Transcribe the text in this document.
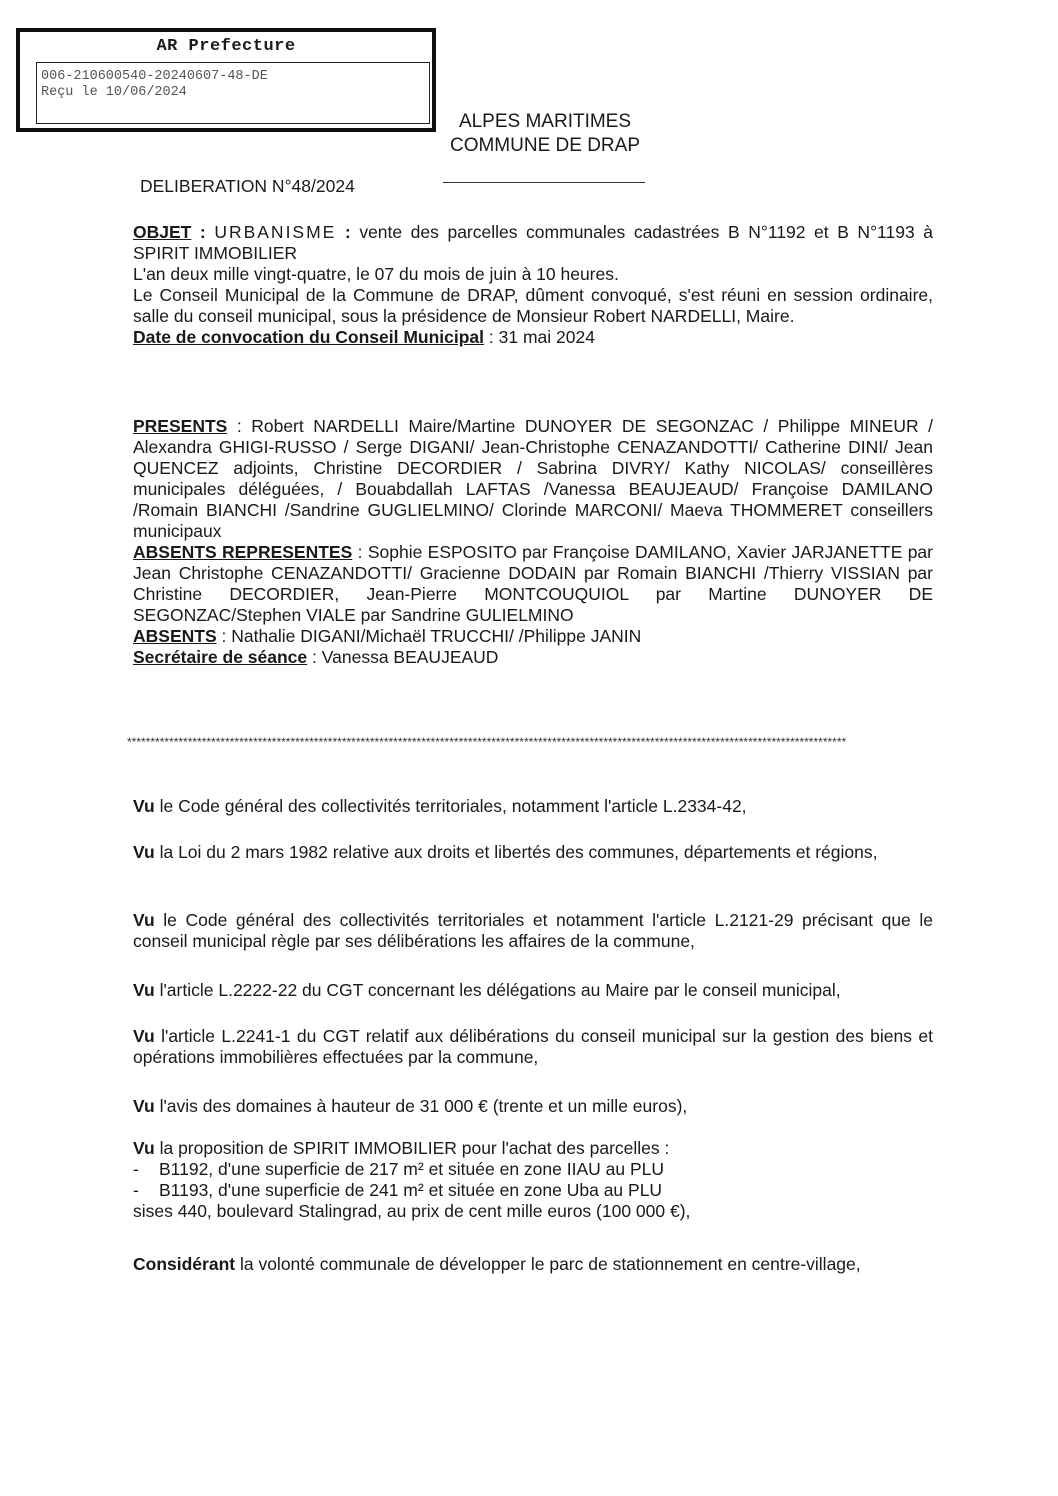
AR Prefecture
006-210600540-20240607-48-DE
Reçu le 10/06/2024
ALPES MARITIMES
COMMUNE DE DRAP
DELIBERATION N°48/2024

OBJET : URBANISME : vente des parcelles communales cadastrées B N°1192 et B N°1193 à SPIRIT IMMOBILIER

L'an deux mille vingt-quatre, le 07 du mois de juin à 10 heures.

Le Conseil Municipal de la Commune de DRAP, dûment convoqué, s'est réuni en session ordinaire, salle du conseil municipal, sous la présidence de Monsieur Robert NARDELLI, Maire.

Date de convocation du Conseil Municipal : 31 mai 2024

PRESENTS : Robert NARDELLI Maire/Martine DUNOYER DE SEGONZAC / Philippe MINEUR / Alexandra GHIGI-RUSSO / Serge DIGANI/ Jean-Christophe CENAZANDOTTI/ Catherine DINI/ Jean QUENCEZ adjoints, Christine DECORDIER / Sabrina DIVRY/ Kathy NICOLAS/ conseillères municipales déléguées, / Bouabdallah LAFTAS /Vanessa BEAUJEAUD/ Françoise DAMILANO /Romain BIANCHI /Sandrine GUGLIELMINO/ Clorinde MARCONI/ Maeva THOMMERET conseillers municipaux

ABSENTS REPRESENTES : Sophie ESPOSITO par Françoise DAMILANO, Xavier JARJANETTE par Jean Christophe CENAZANDOTTI/ Gracienne DODAIN par Romain BIANCHI /Thierry VISSIAN par Christine DECORDIER, Jean-Pierre MONTCOUQUIOL par Martine DUNOYER DE SEGONZAC/Stephen VIALE par Sandrine GULIELMINO

ABSENTS : Nathalie DIGANI/Michaël TRUCCHI/ /Philippe JANIN

Secrétaire de séance : Vanessa BEAUJEAUD

**********************************************************************************************************************************************************

Vu le Code général des collectivités territoriales, notamment l'article L.2334-42,

Vu la Loi du 2 mars 1982 relative aux droits et libertés des communes, départements et régions,

Vu le Code général des collectivités territoriales et notamment l'article L.2121-29 précisant que le conseil municipal règle par ses délibérations les affaires de la commune,

Vu l'article L.2222-22 du CGT concernant les délégations au Maire par le conseil municipal,

Vu l'article L.2241-1 du CGT relatif aux délibérations du conseil municipal sur la gestion des biens et opérations immobilières effectuées par la commune,

Vu l'avis des domaines à hauteur de 31 000 € (trente et un mille euros),

Vu la proposition de SPIRIT IMMOBILIER pour l'achat des parcelles :

- B1192, d'une superficie de 217 m² et située en zone IIAU au PLU
- B1193, d'une superficie de 241 m² et située en zone Uba au PLU

sises 440, boulevard Stalingrad, au prix de cent mille euros (100 000 €),

Considérant la volonté communale de développer le parc de stationnement en centre-village,
